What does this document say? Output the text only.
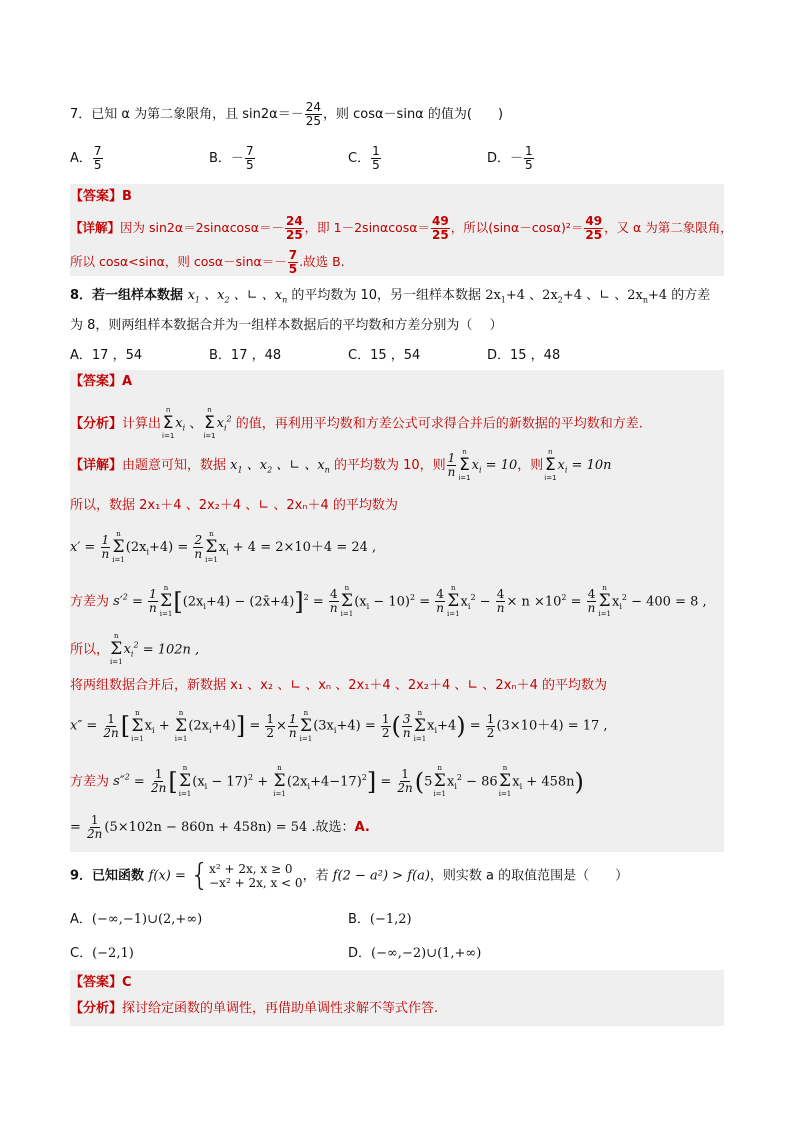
7．已知 α 为第二象限角，且 $\sin 2\alpha=- \frac{24}{25}$ ，则 cosα－sinα 的值为(　　)
A． $\frac{7}{5}$	B．－ $\frac{7}{5}$	C． $\frac{1}{5}$	D．－ $\frac{1}{5}$
【答案】B
【详解】因为 $\sin 2\alpha=2\sin\alpha\cos\alpha=- \frac{24}{25}$ ，即 $1-2\sin\alpha\cos\alpha= \frac{49}{25}$ ，所以$(\sin\alpha-\cos\alpha)^2= \frac{49}{25}$ ，又 α 为第二象限角，
所以 cosα<sinα，则 $\cos\alpha-\sin\alpha=- \frac{7}{5}$ .故选 B.
8．若一组样本数据 $x_1$ 、$x_2$ 、∟ 、$x_n$ 的平均数为 10，另一组样本数据 $2x_1+4$ 、$2x_2+4$ 、∟ 、$2x_n+4$ 的方差
为 8，则两组样本数据合并为一组样本数据后的平均数和方差分别为（　 ）
A．17 ，54	B．17 ，48	C．15 ，54	D．15 ，48
【答案】A
【分析】计算出
n
Σ
i=1
$x_i$ 、
n
Σ
i=1
$x_i^2$ 的值，再利用平均数和方差公式可求得合并后的新数据的平均数和方差.
【详解】由题意可知，数据 $x_1$ 、$x_2$ 、∟ 、$x_n$ 的平均数为 10，则 $\frac{1}{n}$ n
Σ
i=1
$x_i = 10$，则
n
Σ
i=1
$x_i = 10n$
所以，数据 2x₁＋4 、2x₂＋4 、∟ 、2xₙ＋4 的平均数为
$x' = \frac{1}{n}$ n
Σ
i=1
$(2x_i+4) = \frac{2}{n}$ n
Σ
i=1
$x_i + 4 = 2\times 10+4 = 24$ ,
方差为 $s'^2 = \frac{1}{n}$ n
Σ
i=1 [$(2x_i+4)$ − (2x̄+4)]$^2$ = $\frac{4}{n}$ n
Σ
i=1
$(x_i - 10)^2 = \frac{4}{n}$ n
Σ
i=1
$x_i^2 - \frac{4}{n} \times n \times 10^2 = \frac{4}{n}$ n
Σ
i=1
$x_i^2 - 400 = 8$ ,
所以，
n
Σ
i=1
$x_i^2 = 102n$ ,
将两组数据合并后，新数据 x₁ 、x₂ 、∟ 、xₙ 、2x₁＋4 、2x₂＋4 、∟ 、2xₙ＋4 的平均数为
$x'' = \frac{1}{2n}$ [ n
Σ
i=1
$x_i$ +
n
Σ
i=1
$(2x_i+4)] = \frac{1}{2} \times \frac{1}{n}$ n
Σ
i=1
$(3x_i+4) = \frac{1}{2}$ ( $\frac{3}{n}$ n
Σ
i=1
$x_i+4) = \frac{1}{2} (3\times 10+4) = 17$ ,
方差为 $s''^2 = \frac{1}{2n}$ [ n
Σ
i=1
$(x_i - 17)^2$ +
n
Σ
i=1
$(2x_i+4-17)^2] = \frac{1}{2n} (5$
n
Σ
i=1
$x_i^2 - 86$
n
Σ
i=1
$x_i + 458n$)
= $\frac{1}{2n} (5\times 102n - 860n + 458n) = 54$ .故选：A.
9．已知函数 f(x) = { x² + 2x, x ≥ 0
−x² + 2x, x < 0 ，若 f(2 − a²) > f(a)，则实数 a 的取值范围是（　　）
A．(−∞,−1)∪(2,+∞)	B．(−1,2)
C．(−2,1)	D．(−∞,−2)∪(1,+∞)
【答案】C
【分析】探讨给定函数的单调性，再借助单调性求解不等式作答.
